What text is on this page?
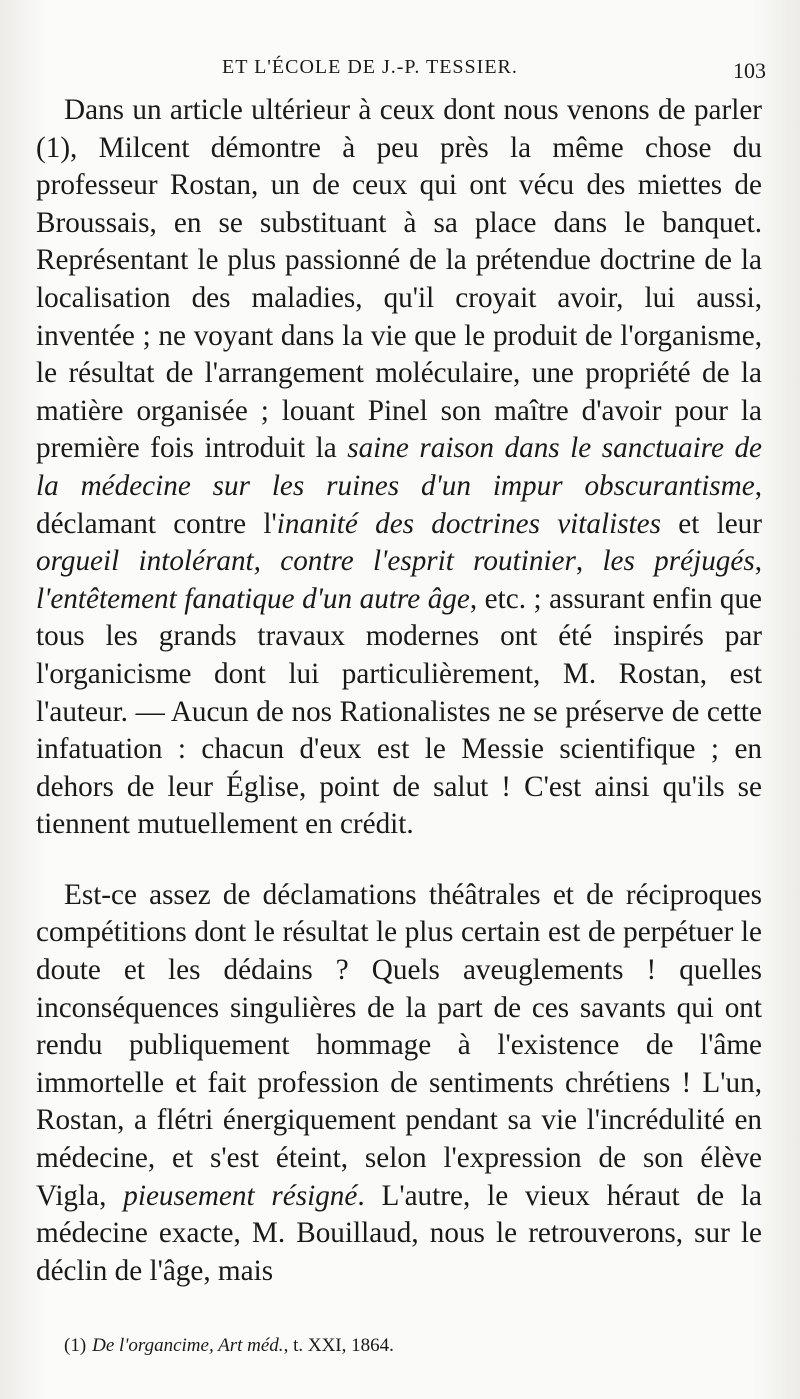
ET L'ÉCOLE DE J.-P. TESSIER.	103

Dans un article ultérieur à ceux dont nous venons de parler (1), Milcent démontre à peu près la même chose du professeur Rostan, un de ceux qui ont vécu des miettes de Broussais, en se substituant à sa place dans le banquet. Représentant le plus passionné de la prétendue doctrine de la localisation des maladies, qu'il croyait avoir, lui aussi, inventée ; ne voyant dans la vie que le produit de l'organisme, le résultat de l'arrangement moléculaire, une propriété de la matière organisée ; louant Pinel son maître d'avoir pour la première fois introduit la saine raison dans le sanctuaire de la médecine sur les ruines d'un impur obscurantisme, déclamant contre l'inanité des doctrines vitalistes et leur orgueil intolérant, contre l'esprit routinier, les préjugés, l'entêtement fanatique d'un autre âge, etc. ; assurant enfin que tous les grands travaux modernes ont été inspirés par l'organicisme dont lui particulièrement, M. Rostan, est l'auteur. — Aucun de nos Rationalistes ne se préserve de cette infatuation : chacun d'eux est le Messie scientifique ; en dehors de leur Église, point de salut ! C'est ainsi qu'ils se tiennent mutuellement en crédit.

Est-ce assez de déclamations théâtrales et de réciproques compétitions dont le résultat le plus certain est de perpétuer le doute et les dédains ? Quels aveuglements ! quelles inconséquences singulières de la part de ces savants qui ont rendu publiquement hommage à l'existence de l'âme immortelle et fait profession de sentiments chrétiens ! L'un, Rostan, a flétri énergiquement pendant sa vie l'incrédulité en médecine, et s'est éteint, selon l'expression de son élève Vigla, pieusement résigné. L'autre, le vieux héraut de la médecine exacte, M. Bouillaud, nous le retrouverons, sur le déclin de l'âge, mais

(1) De l'organcime, Art méd., t. XXI, 1864.
